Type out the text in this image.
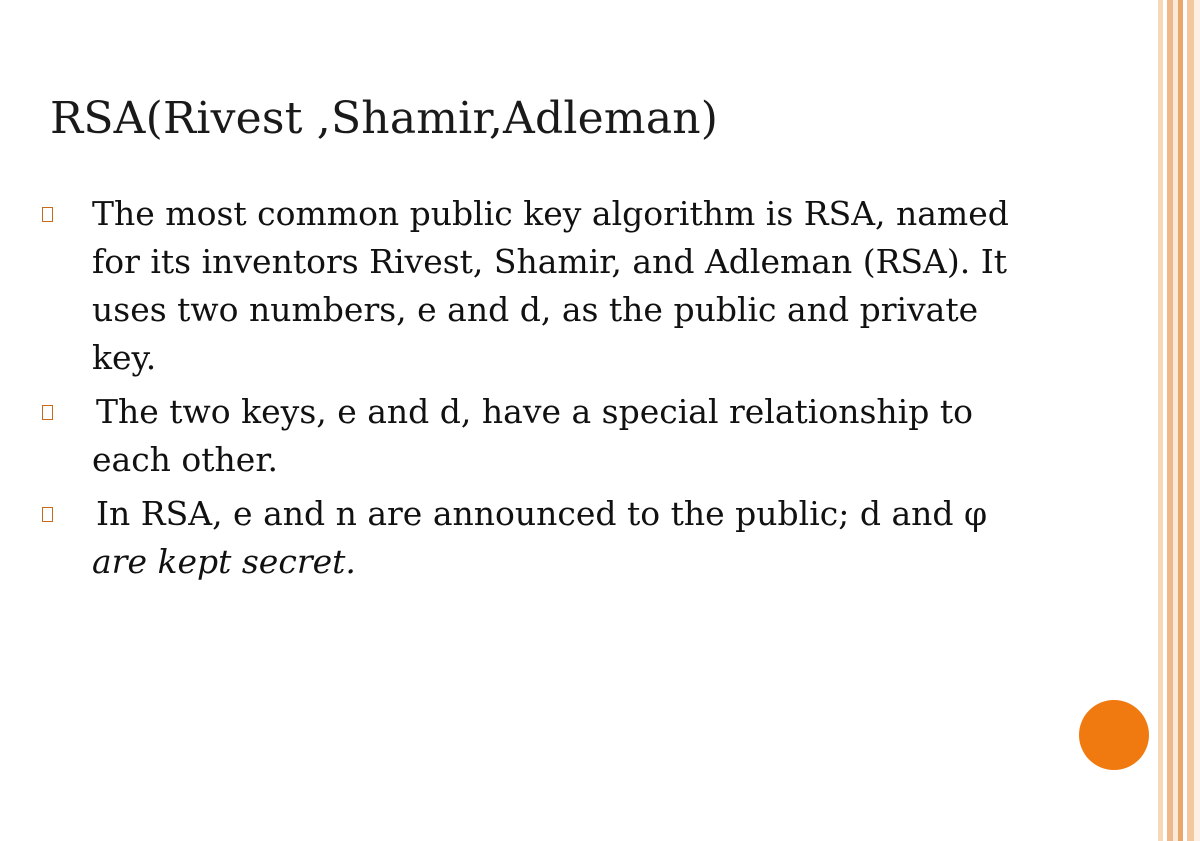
RSA(Rivest ,Shamir,Adleman)
The most common public key algorithm is RSA, named for its inventors Rivest, Shamir, and Adleman (RSA). It uses two numbers, e and d, as the public and private key.
The two keys, e and d, have a special relationship to each other.
In RSA, e and n are announced to the public; d and φ are kept secret.
